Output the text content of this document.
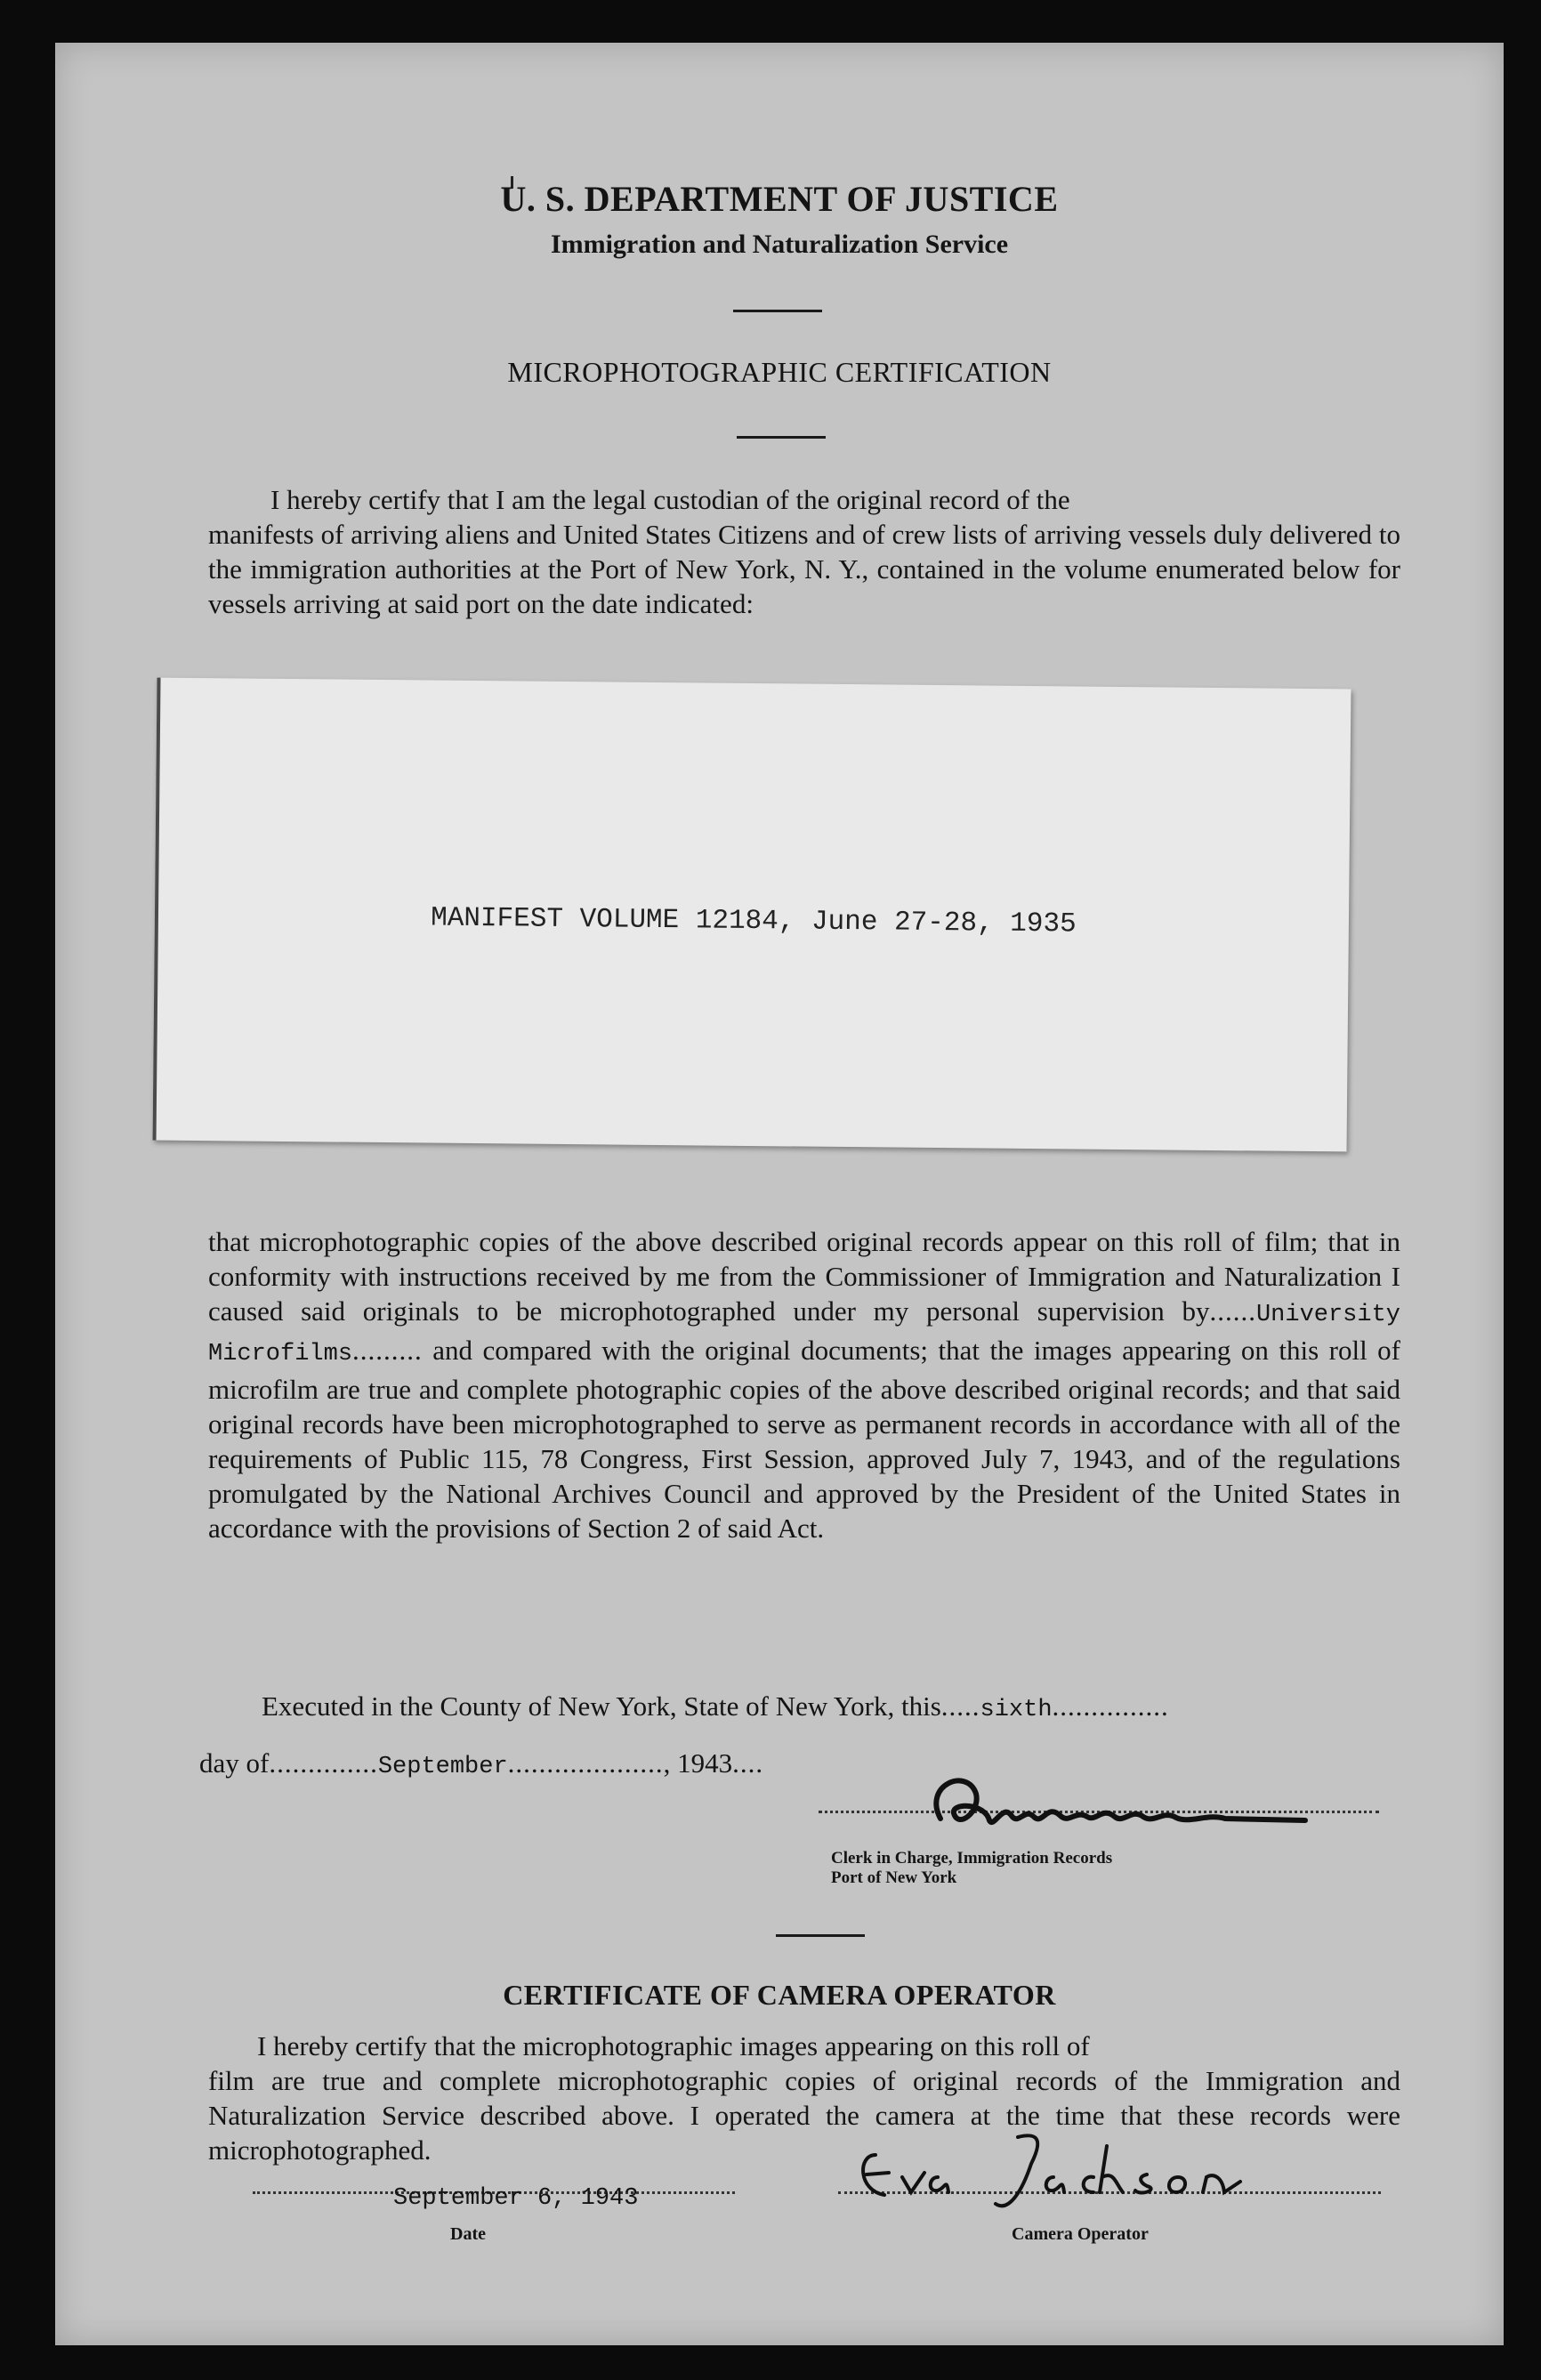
U. S. DEPARTMENT OF JUSTICE
Immigration and Naturalization Service
MICROPHOTOGRAPHIC CERTIFICATION
I hereby certify that I am the legal custodian of the original record of the
manifests of arriving aliens and United States Citizens and of crew lists of arriving vessels duly delivered to the immigration authorities at the Port of New York, N. Y., contained in the volume enumerated below for vessels arriving at said port on the date indicated:
MANIFEST VOLUME 12184, June 27-28, 1935
that microphotographic copies of the above described original records appear on this roll of film; that in conformity with instructions received by me from the Commissioner of Immigration and Naturalization I caused said originals to be microphotographed under my personal supervision by......University Microfilms......... and compared with the original documents; that the images appearing on this roll of microfilm are true and complete photographic copies of the above described original records; and that said original records have been microphotographed to serve as permanent records in accordance with all of the requirements of Public 115, 78 Congress, First Session, approved July 7, 1943, and of the regulations promulgated by the National Archives Council and approved by the President of the United States in accordance with the provisions of Section 2 of said Act.
Executed in the County of New York, State of New York, this.....sixth...............
day of..............September...................., 1943....
Clerk in Charge, Immigration Records
Port of New York
CERTIFICATE OF CAMERA OPERATOR
I hereby certify that the microphotographic images appearing on this roll of
film are true and complete microphotographic copies of original records of the Immigration and Naturalization Service described above. I operated the camera at the time that these records were microphotographed.
September 6, 1943
Date	Camera Operator
